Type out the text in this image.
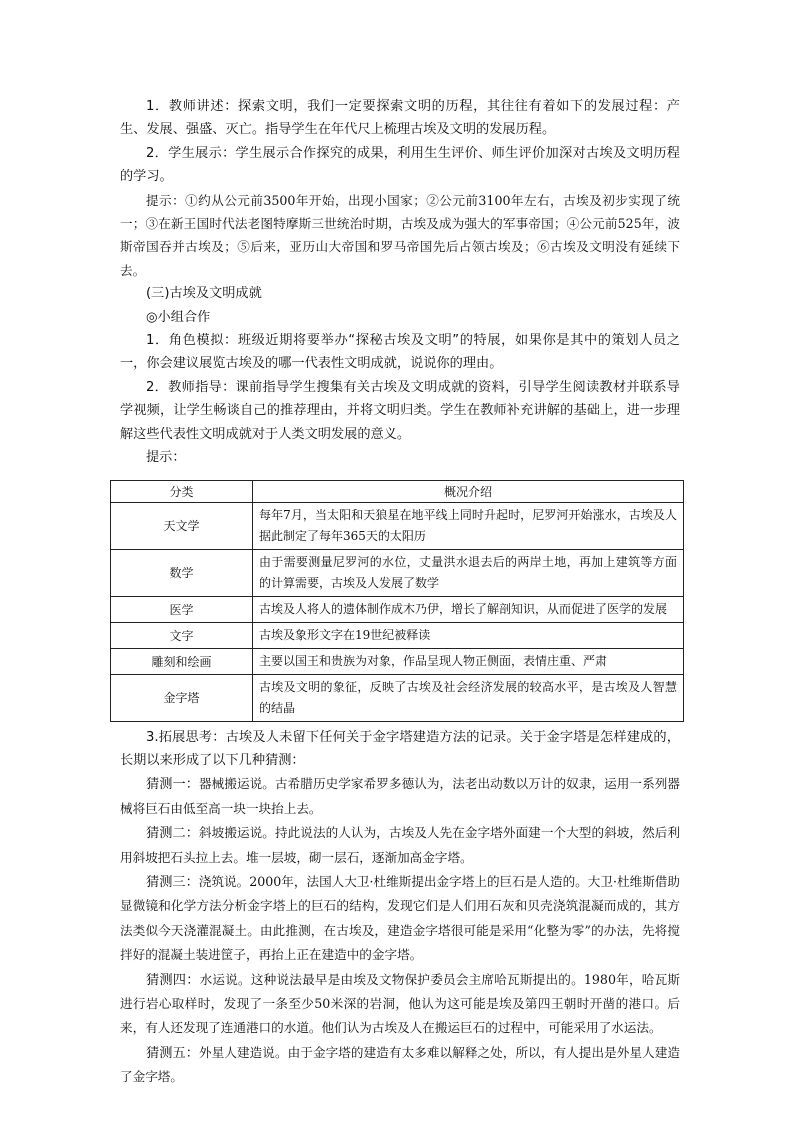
1．教师讲述：探索文明，我们一定要探索文明的历程，其往往有着如下的发展过程：产生、发展、强盛、灭亡。指导学生在年代尺上梳理古埃及文明的发展历程。

2．学生展示：学生展示合作探究的成果，利用生生评价、师生评价加深对古埃及文明历程的学习。

提示：①约从公元前3500年开始，出现小国家；②公元前3100年左右，古埃及初步实现了统一；③在新王国时代法老图特摩斯三世统治时期，古埃及成为强大的军事帝国；④公元前525年，波斯帝国吞并古埃及；⑤后来，亚历山大帝国和罗马帝国先后占领古埃及；⑥古埃及文明没有延续下去。

(三)古埃及文明成就

◎小组合作

1．角色模拟：班级近期将要举办“探秘古埃及文明”的特展，如果你是其中的策划人员之一，你会建议展览古埃及的哪一代表性文明成就，说说你的理由。

2．教师指导：课前指导学生搜集有关古埃及文明成就的资料，引导学生阅读教材并联系导学视频，让学生畅谈自己的推荐理由，并将文明归类。学生在教师补充讲解的基础上，进一步理解这些代表性文明成就对于人类文明发展的意义。

提示：

分类	概况介绍
天文学	每年7月，当太阳和天狼星在地平线上同时升起时，尼罗河开始涨水，古埃及人据此制定了每年365天的太阳历
数学	由于需要测量尼罗河的水位，丈量洪水退去后的两岸土地，再加上建筑等方面的计算需要，古埃及人发展了数学
医学	古埃及人将人的遗体制作成木乃伊，增长了解剖知识，从而促进了医学的发展
文字	古埃及象形文字在19世纪被释读
雕刻和绘画	主要以国王和贵族为对象，作品呈现人物正侧面，表情庄重、严肃
金字塔	古埃及文明的象征，反映了古埃及社会经济发展的较高水平，是古埃及人智慧的结晶

3.拓展思考：古埃及人未留下任何关于金字塔建造方法的记录。关于金字塔是怎样建成的，长期以来形成了以下几种猜测：

猜测一：器械搬运说。古希腊历史学家希罗多德认为，法老出动数以万计的奴隶，运用一系列器械将巨石由低至高一块一块抬上去。

猜测二：斜坡搬运说。持此说法的人认为，古埃及人先在金字塔外面建一个大型的斜坡，然后利用斜坡把石头拉上去。堆一层坡，砌一层石，逐渐加高金字塔。

猜测三：浇筑说。2000年，法国人大卫·杜维斯提出金字塔上的巨石是人造的。大卫·杜维斯借助显微镜和化学方法分析金字塔上的巨石的结构，发现它们是人们用石灰和贝壳浇筑混凝而成的，其方法类似今天浇灌混凝土。由此推测，在古埃及，建造金字塔很可能是采用“化整为零”的办法，先将搅拌好的混凝土装进筐子，再抬上正在建造中的金字塔。

猜测四：水运说。这种说法最早是由埃及文物保护委员会主席哈瓦斯提出的。1980年，哈瓦斯进行岩心取样时，发现了一条至少50米深的岩洞，他认为这可能是埃及第四王朝时开凿的港口。后来，有人还发现了连通港口的水道。他们认为古埃及人在搬运巨石的过程中，可能采用了水运法。

猜测五：外星人建造说。由于金字塔的建造有太多难以解释之处，所以，有人提出是外星人建造了金字塔。
